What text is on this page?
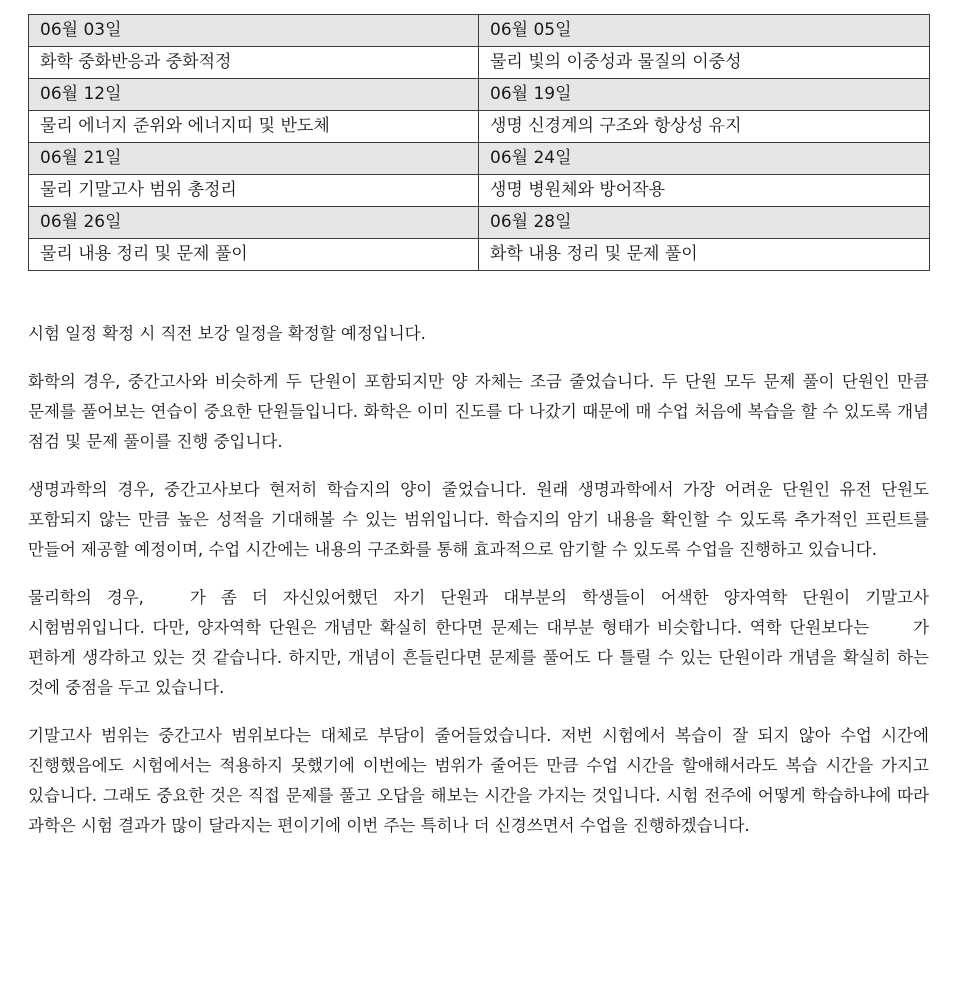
06월 03일	06월 05일
화학 중화반응과 중화적정	물리 빛의 이중성과 물질의 이중성
06월 12일	06월 19일
물리 에너지 준위와 에너지띠 및 반도체	생명 신경계의 구조와 항상성 유지
06월 21일	06월 24일
물리 기말고사 범위 총정리	생명 병원체와 방어작용
06월 26일	06월 28일
물리 내용 정리 및 문제 풀이	화학 내용 정리 및 문제 풀이

시험 일정 확정 시 직전 보강 일정을 확정할 예정입니다.

화학의 경우, 중간고사와 비슷하게 두 단원이 포함되지만 양 자체는 조금 줄었습니다. 두 단원 모두 문제 풀이 단원인 만큼 문제를 풀어보는 연습이 중요한 단원들입니다. 화학은 이미 진도를 다 나갔기 때문에 매 수업 처음에 복습을 할 수 있도록 개념 점검 및 문제 풀이를 진행 중입니다.

생명과학의 경우, 중간고사보다 현저히 학습지의 양이 줄었습니다. 원래 생명과학에서 가장 어려운 단원인 유전 단원도 포함되지 않는 만큼 높은 성적을 기대해볼 수 있는 범위입니다. 학습지의 암기 내용을 확인할 수 있도록 추가적인 프린트를 만들어 제공할 예정이며, 수업 시간에는 내용의 구조화를 통해 효과적으로 암기할 수 있도록 수업을 진행하고 있습니다.

물리학의 경우,	가 좀 더 자신있어했던 자기 단원과 대부분의 학생들이 어색한 양자역학 단원이 기말고사 시험범위입니다. 다만, 양자역학 단원은 개념만 확실히 한다면 문제는 대부분 형태가 비슷합니다. 역학 단원보다는	가 편하게 생각하고 있는 것 같습니다. 하지만, 개념이 흔들린다면 문제를 풀어도 다 틀릴 수 있는 단원이라 개념을 확실히 하는 것에 중점을 두고 있습니다.

기말고사 범위는 중간고사 범위보다는 대체로 부담이 줄어들었습니다. 저번 시험에서 복습이 잘 되지 않아 수업 시간에 진행했음에도 시험에서는 적용하지 못했기에 이번에는 범위가 줄어든 만큼 수업 시간을 할애해서라도 복습 시간을 가지고 있습니다. 그래도 중요한 것은 직접 문제를 풀고 오답을 해보는 시간을 가지는 것입니다. 시험 전주에 어떻게 학습하냐에 따라 과학은 시험 결과가 많이 달라지는 편이기에 이번 주는 특히나 더 신경쓰면서 수업을 진행하겠습니다.
